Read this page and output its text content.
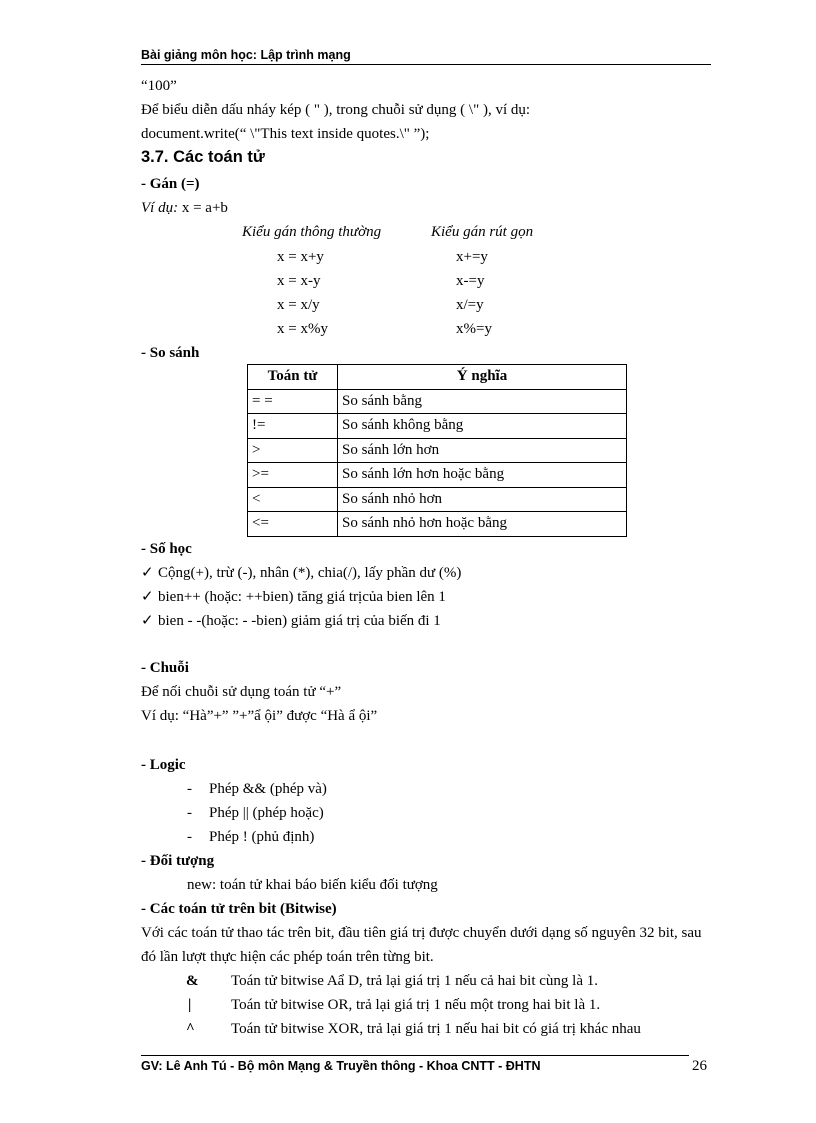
Bài giảng môn học: Lập trình mạng
“100”
Để biểu diễn dấu nháy kép ( " ), trong chuỗi sử dụng ( \" ), ví dụ:
document.write(“ \"This text inside quotes.\" ”);
3.7. Các toán tử
- Gán (=)
Ví dụ: x = a+b
Kiểu gán thông thường	Kiểu gán rút gọn
x = x+y	x+=y
x = x-y	x-=y
x = x/y	x/=y
x = x%y	x%=y
- So sánh
Toán tử	Ý nghĩa
= =	So sánh bằng
!=	So sánh không bằng
>	So sánh lớn hơn
>=	So sánh lớn hơn hoặc bằng
<	So sánh nhỏ hơn
<=	So sánh nhỏ hơn hoặc bằng
- Số học
✓ Cộng(+), trừ (-), nhân (*), chia(/), lấy phần dư (%)
✓ bien++ (hoặc: ++bien) tăng giá trịcủa bien lên 1
✓ bien - -(hoặc: - -bien) giảm giá trị của biến đi 1
- Chuỗi
Để nối chuỗi sử dụng toán tử “+”
Ví dụ: “Hà”+” ”+”ẩ ội” được “Hà ẩ ội”
- Logic
- Phép && (phép và)
- Phép || (phép hoặc)
- Phép ! (phủ định)
- Đối tượng
new: toán tử khai báo biến kiểu đối tượng
- Các toán tử trên bit (Bitwise)
Với các toán tử thao tác trên bit, đầu tiên giá trị được chuyển dưới dạng số nguyên 32 bit, sau
đó lần lượt thực hiện các phép toán trên từng bit.
& Toán tử bitwise Aẩ D, trả lại giá trị 1 nếu cả hai bit cùng là 1.
|	Toán tử bitwise OR, trả lại giá trị 1 nếu một trong hai bit là 1.
^ Toán tử bitwise XOR, trả lại giá trị 1 nếu hai bit có giá trị khác nhau
GV: Lê Anh Tú - Bộ môn Mạng & Truyền thông - Khoa CNTT - ĐHTN	26
